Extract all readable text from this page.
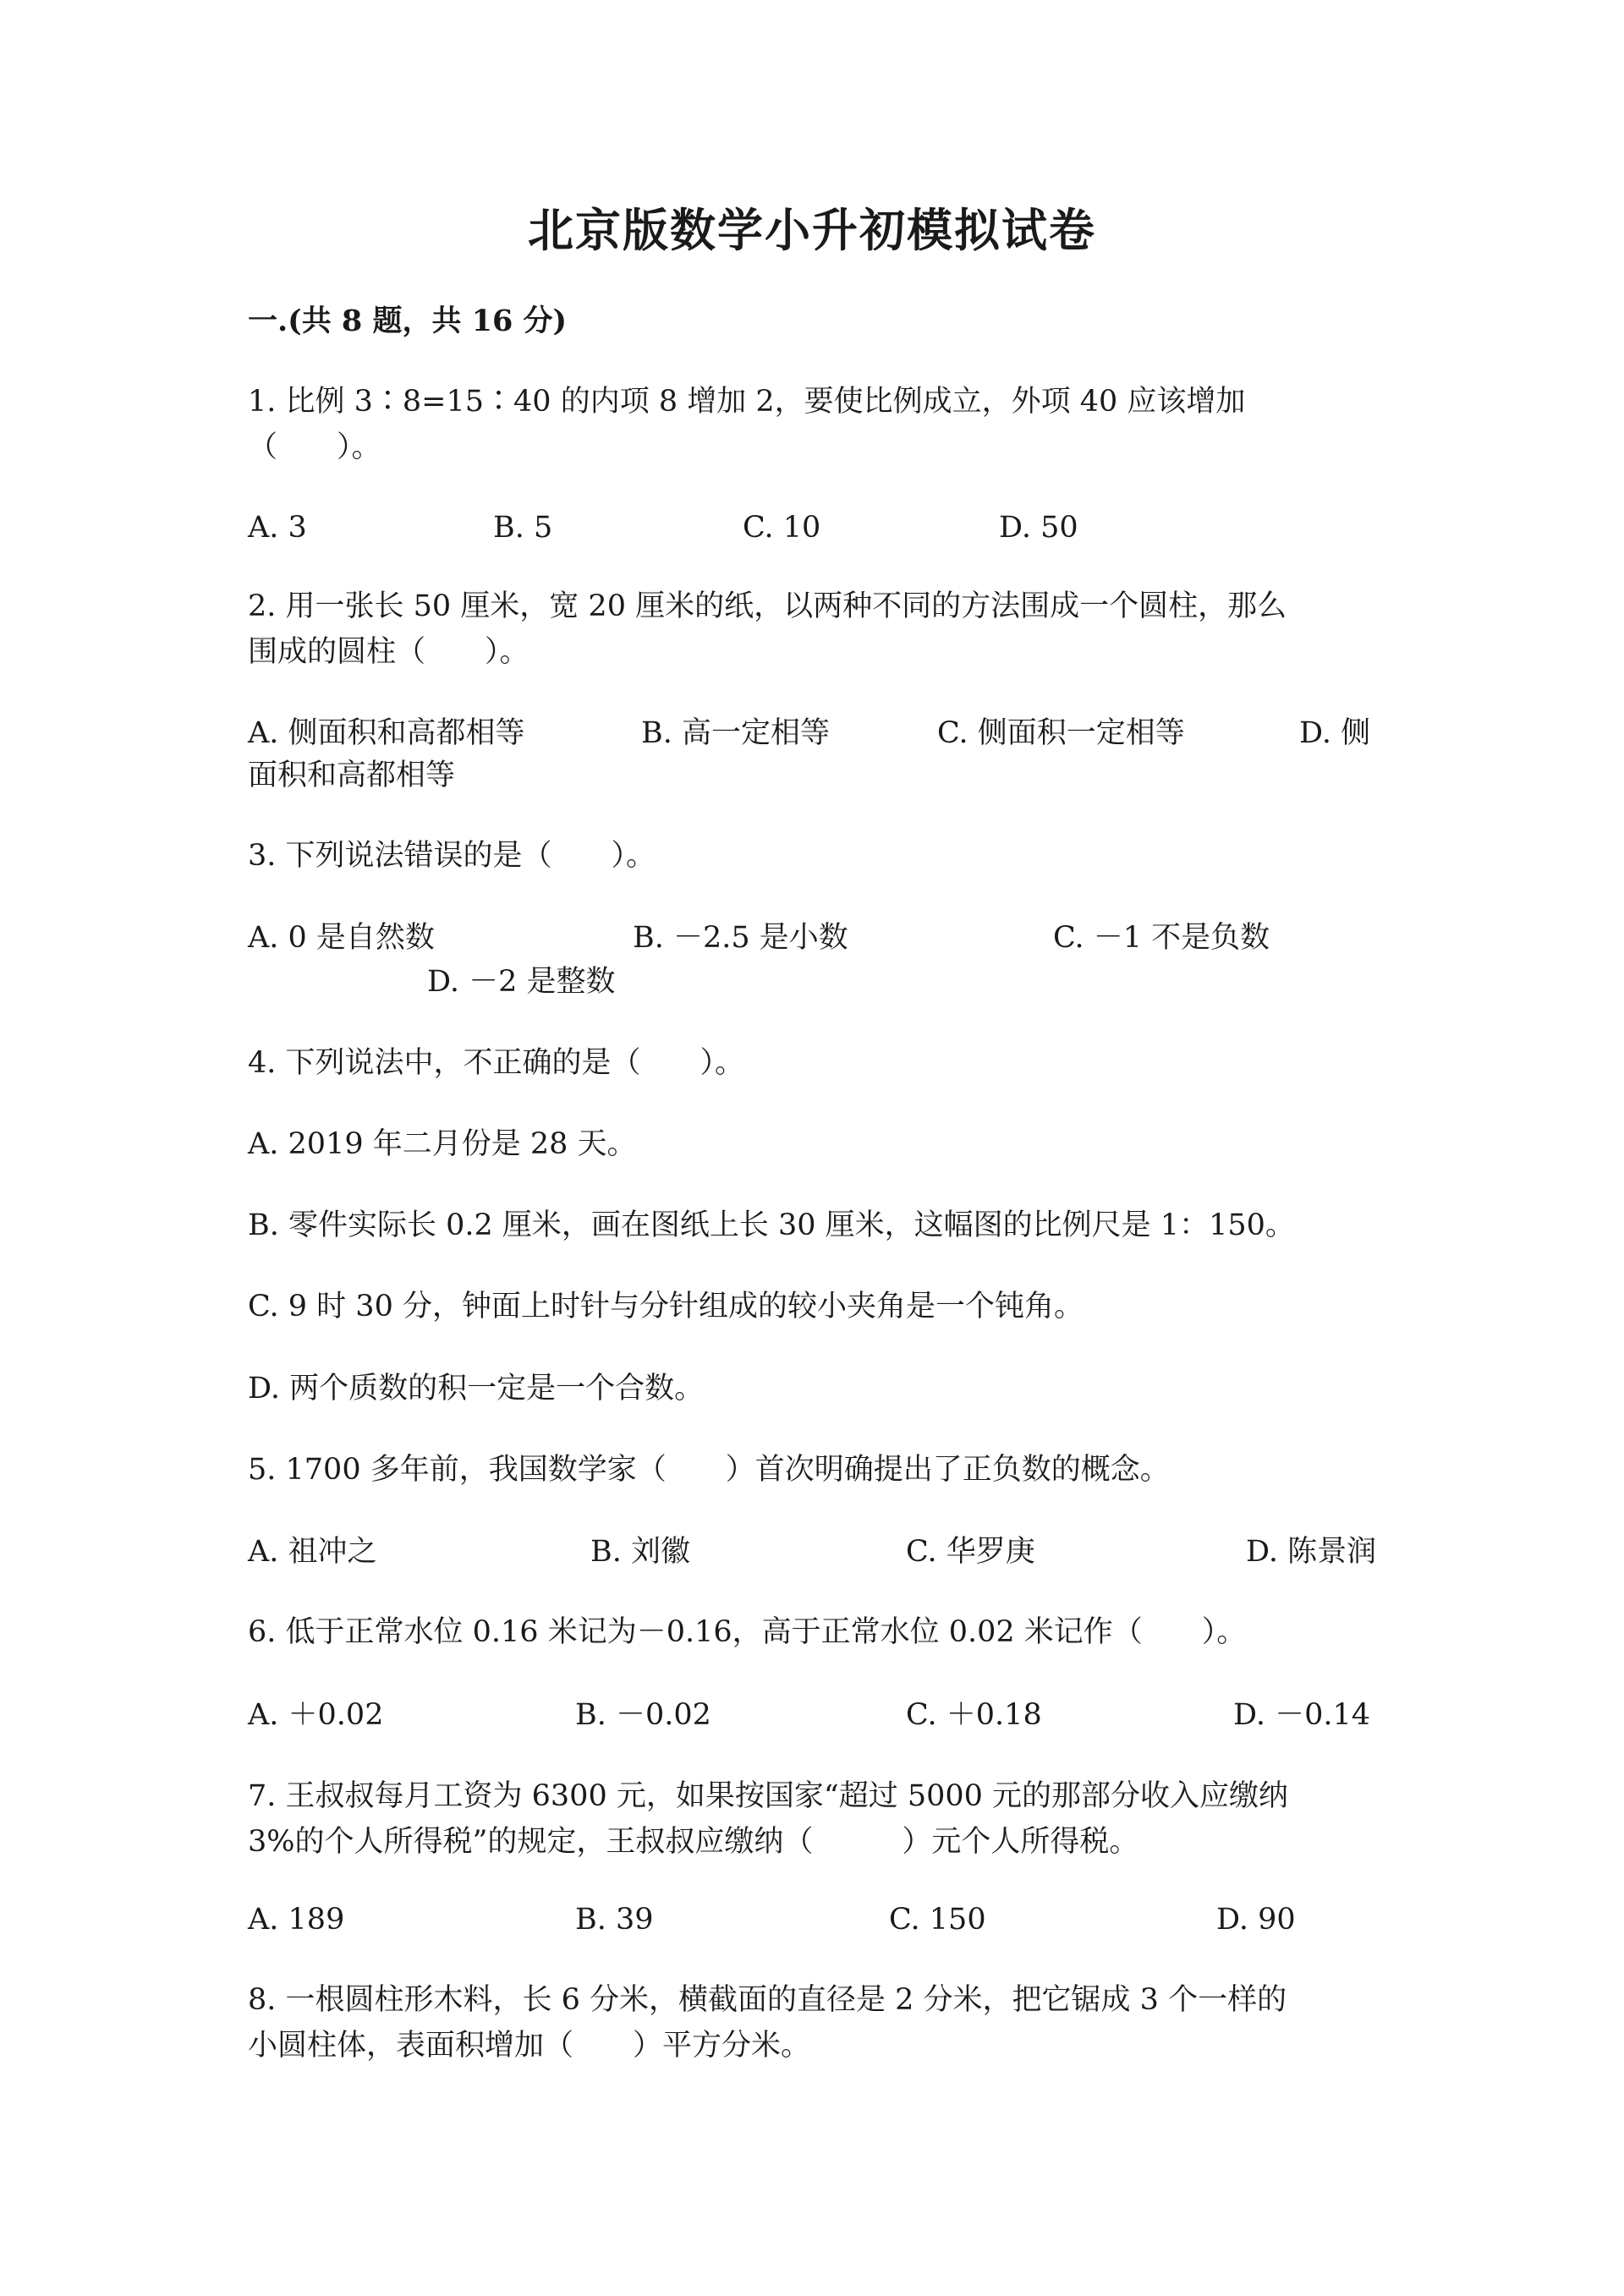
北京版数学小升初模拟试卷
一.(共 8 题，共 16 分)
1. 比例 3∶8=15∶40 的内项 8 增加 2，要使比例成立，外项 40 应该增加
（　　）。
A. 3	B. 5	C. 10	D. 50
2. 用一张长 50 厘米，宽 20 厘米的纸，以两种不同的方法围成一个圆柱，那么
围成的圆柱（　　）。
A. 侧面积和高都相等	B. 高一定相等	C. 侧面积一定相等	D. 侧
面积和高都相等
3. 下列说法错误的是（　　）。
A. 0 是自然数	B. －2.5 是小数	C. －1 不是负数
D. －2 是整数
4. 下列说法中，不正确的是（　　）。
A. 2019 年二月份是 28 天。
B. 零件实际长 0.2 厘米，画在图纸上长 30 厘米，这幅图的比例尺是 1：150。
C. 9 时 30 分，钟面上时针与分针组成的较小夹角是一个钝角。
D. 两个质数的积一定是一个合数。
5. 1700 多年前，我国数学家（　　）首次明确提出了正负数的概念。
A. 祖冲之	B. 刘徽	C. 华罗庚	D. 陈景润
6. 低于正常水位 0.16 米记为－0.16，高于正常水位 0.02 米记作（　　）。
A. ＋0.02	B. －0.02	C. ＋0.18	D. －0.14
7. 王叔叔每月工资为 6300 元，如果按国家“超过 5000 元的那部分收入应缴纳
3%的个人所得税”的规定，王叔叔应缴纳（　　　）元个人所得税。
A. 189	B. 39	C. 150	D. 90
8. 一根圆柱形木料，长 6 分米，横截面的直径是 2 分米，把它锯成 3 个一样的
小圆柱体，表面积增加（　　）平方分米。
